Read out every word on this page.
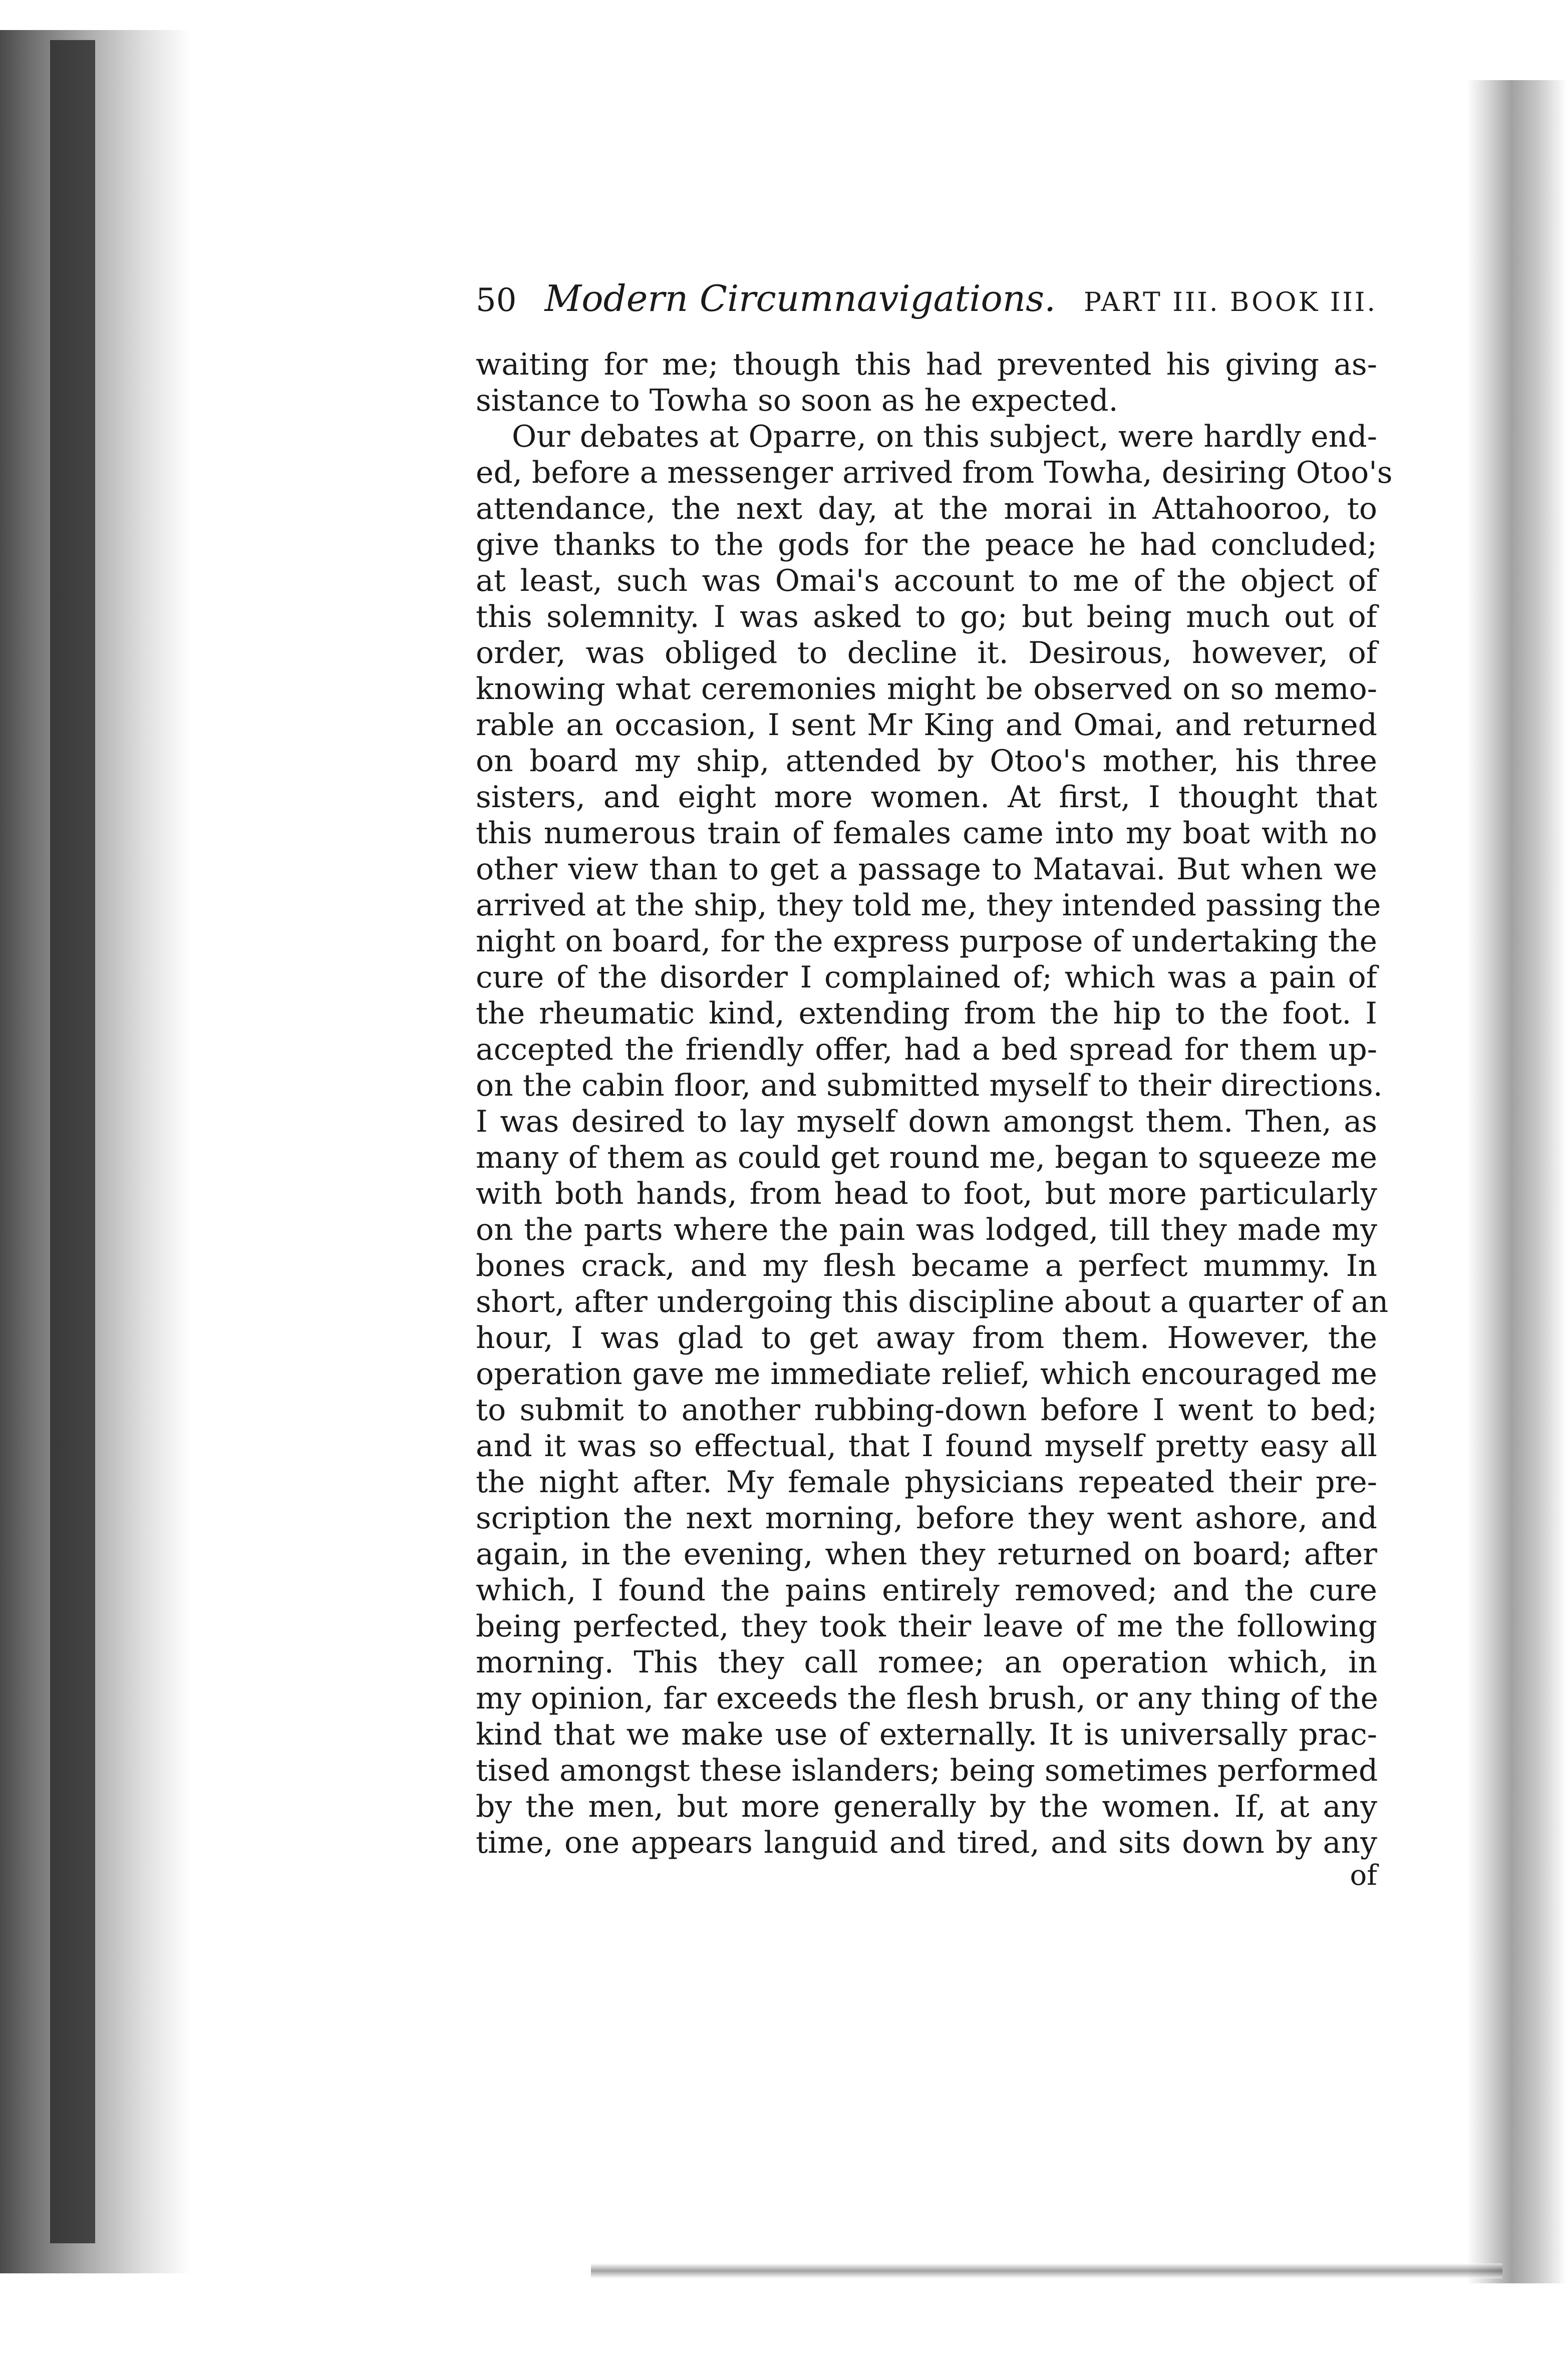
50 Modern Circumnavigations. PART III. BOOK III.
waiting for me; though this had prevented his giving as-
sistance to Towha so soon as he expected.
Our debates at Oparre, on this subject, were hardly end-
ed, before a messenger arrived from Towha, desiring Otoo's
attendance, the next day, at the morai in Attahooroo, to
give thanks to the gods for the peace he had concluded;
at least, such was Omai's account to me of the object of
this solemnity. I was asked to go; but being much out of
order, was obliged to decline it. Desirous, however, of
knowing what ceremonies might be observed on so memo-
rable an occasion, I sent Mr King and Omai, and returned
on board my ship, attended by Otoo's mother, his three
sisters, and eight more women. At first, I thought that
this numerous train of females came into my boat with no
other view than to get a passage to Matavai. But when we
arrived at the ship, they told me, they intended passing the
night on board, for the express purpose of undertaking the
cure of the disorder I complained of; which was a pain of
the rheumatic kind, extending from the hip to the foot. I
accepted the friendly offer, had a bed spread for them up-
on the cabin floor, and submitted myself to their directions.
I was desired to lay myself down amongst them. Then, as
many of them as could get round me, began to squeeze me
with both hands, from head to foot, but more particularly
on the parts where the pain was lodged, till they made my
bones crack, and my flesh became a perfect mummy. In
short, after undergoing this discipline about a quarter of an
hour, I was glad to get away from them. However, the
operation gave me immediate relief, which encouraged me
to submit to another rubbing-down before I went to bed;
and it was so effectual, that I found myself pretty easy all
the night after. My female physicians repeated their pre-
scription the next morning, before they went ashore, and
again, in the evening, when they returned on board; after
which, I found the pains entirely removed; and the cure
being perfected, they took their leave of me the following
morning. This they call romee; an operation which, in
my opinion, far exceeds the flesh brush, or any thing of the
kind that we make use of externally. It is universally prac-
tised amongst these islanders; being sometimes performed
by the men, but more generally by the women. If, at any
time, one appears languid and tired, and sits down by any
of
